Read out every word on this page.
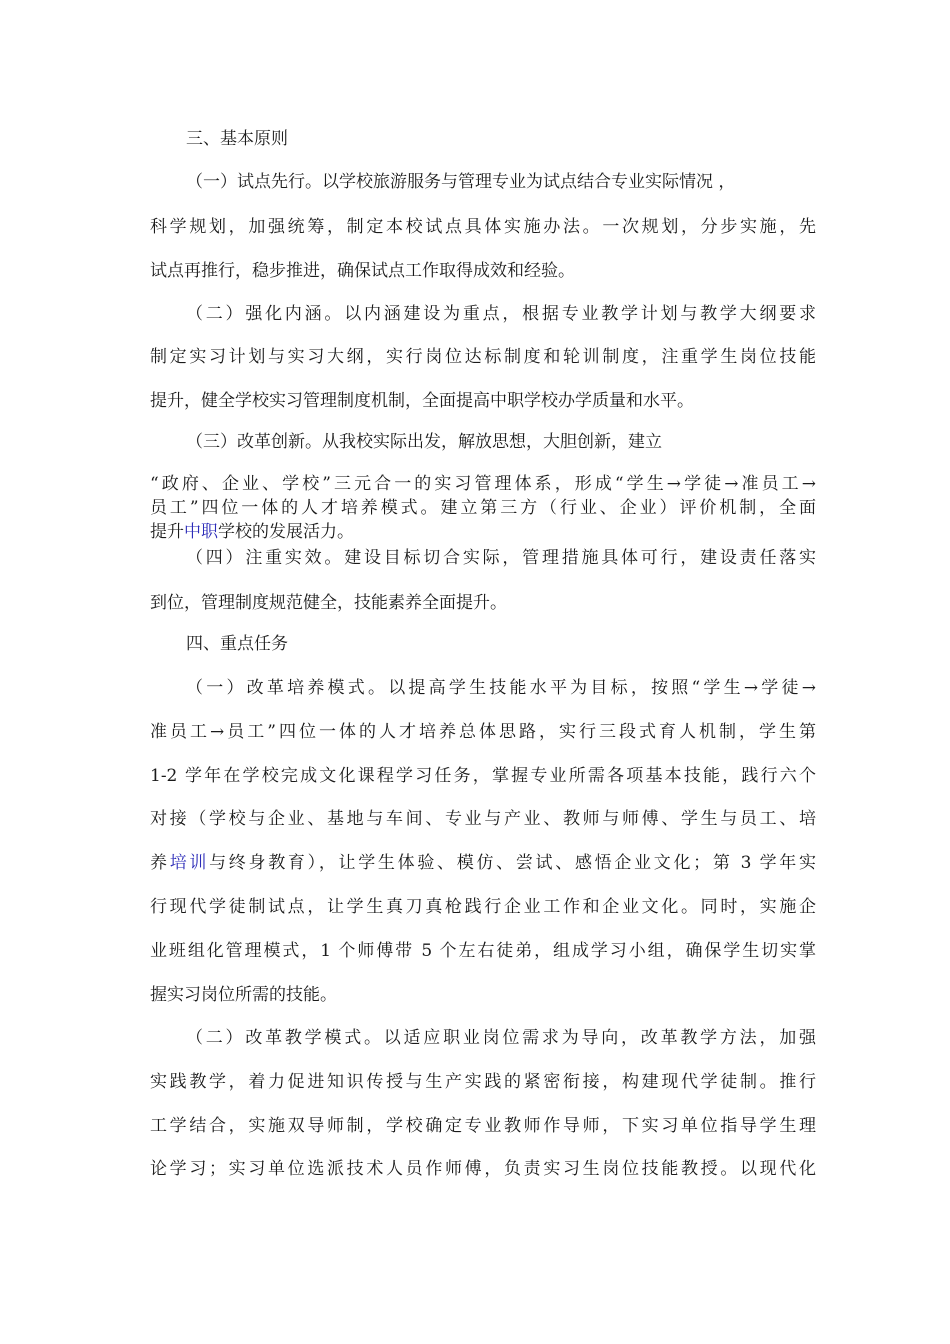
三、基本原则
（一）试点先行。以学校旅游服务与管理专业为试点结合专业实际情况 ，
科学规划，加强统筹，制定本校试点具体实施办法。一次规划，分步实施，先
试点再推行，稳步推进，确保试点工作取得成效和经验。
（二）强化内涵。以内涵建设为重点，根据专业教学计划与教学大纲要求
制定实习计划与实习大纲，实行岗位达标制度和轮训制度，注重学生岗位技能
提升，健全学校实习管理制度机制，全面提高中职学校办学质量和水平。
（三）改革创新。从我校实际出发，解放思想，大胆创新，建立
“政府、企业、学校”三元合一的实习管理体系，形成“学生→学徒→准员工→
员工”四位一体的人才培养模式。建立第三方（行业、企业）评价机制，全面
提升中职学校的发展活力。
（四）注重实效。建设目标切合实际，管理措施具体可行，建设责任落实
到位，管理制度规范健全，技能素养全面提升。
四、重点任务
（一）改革培养模式。以提高学生技能水平为目标，按照“学生→学徒→
准员工→员工”四位一体的人才培养总体思路，实行三段式育人机制，学生第
1-2 学年在学校完成文化课程学习任务，掌握专业所需各项基本技能，践行六个
对接（学校与企业、基地与车间、专业与产业、教师与师傅、学生与员工、培
养培训与终身教育），让学生体验、模仿、尝试、感悟企业文化；第 3 学年实
行现代学徒制试点，让学生真刀真枪践行企业工作和企业文化。同时，实施企
业班组化管理模式，1 个师傅带 5 个左右徒弟，组成学习小组，确保学生切实掌
握实习岗位所需的技能。
（二）改革教学模式。以适应职业岗位需求为导向，改革教学方法，加强
实践教学，着力促进知识传授与生产实践的紧密衔接，构建现代学徒制。推行
工学结合，实施双导师制，学校确定专业教师作导师，下实习单位指导学生理
论学习；实习单位选派技术人员作师傅，负责实习生岗位技能教授。以现代化
